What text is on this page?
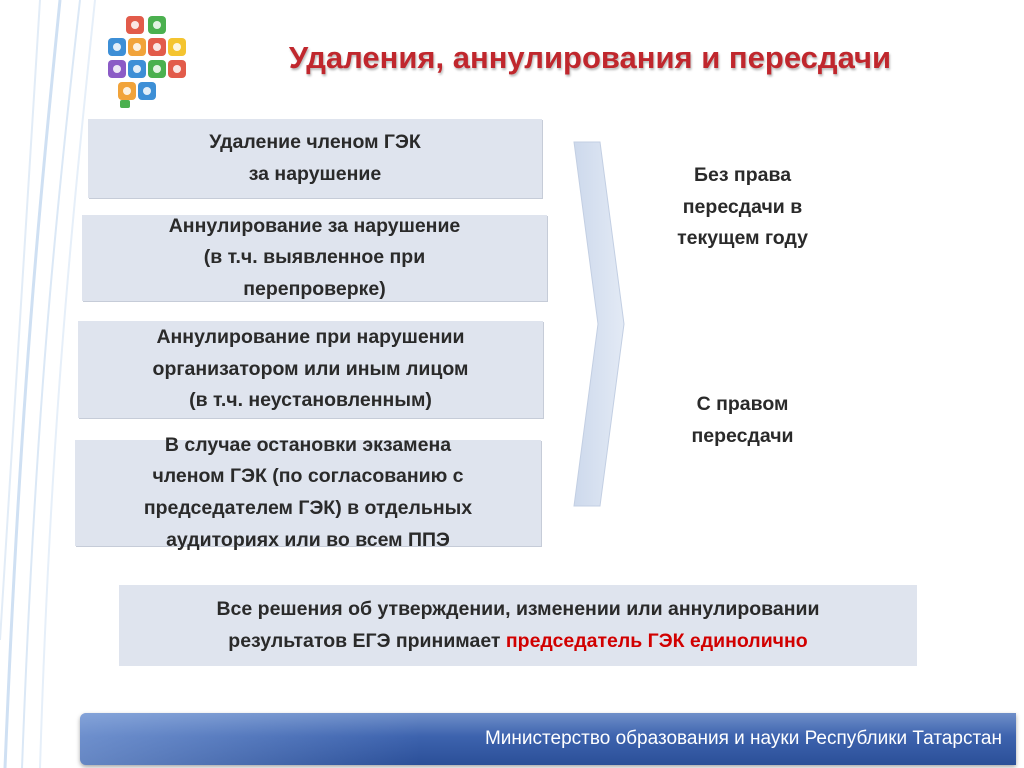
Удаления, аннулирования и пересдачи
Удаление членом ГЭК
за нарушение
Аннулирование за нарушение
(в т.ч. выявленное при
перепроверке)
Аннулирование при нарушении
организатором или иным лицом
(в т.ч. неустановленным)
В случае остановки экзамена
членом ГЭК (по согласованию с
председателем ГЭК) в отдельных
аудиториях или во всем ППЭ
Без права
пересдачи в
текущем году
С правом
пересдачи
Все решения об утверждении, изменении или аннулировании
результатов ЕГЭ принимает председатель ГЭК единолично
Министерство образования и науки Республики Татарстан
